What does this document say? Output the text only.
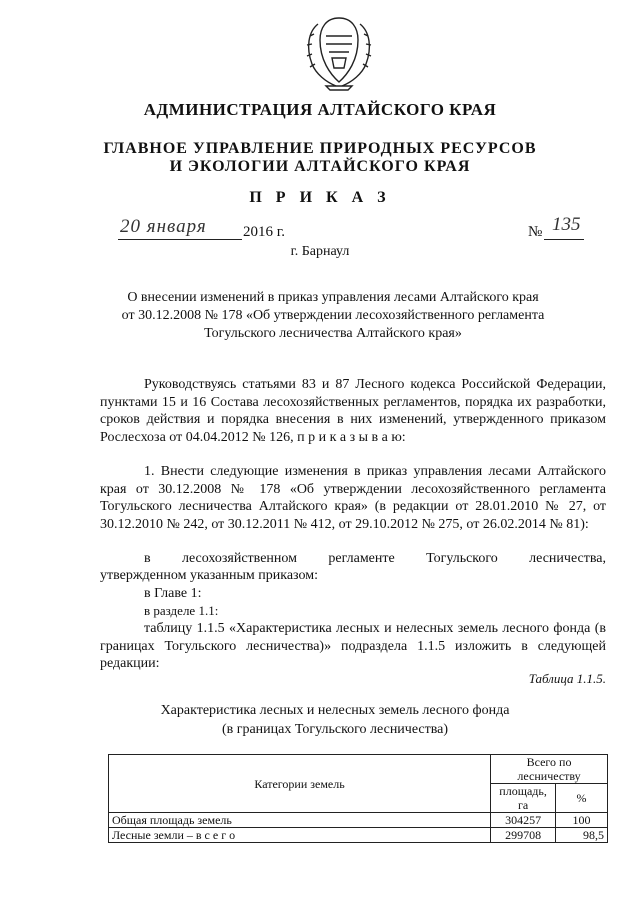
АДМИНИСТРАЦИЯ АЛТАЙСКОГО КРАЯ
ГЛАВНОЕ УПРАВЛЕНИЕ ПРИРОДНЫХ РЕСУРСОВ
И ЭКОЛОГИИ АЛТАЙСКОГО КРАЯ
П Р И К А З
20 января 2016 г.	№ 135
г. Барнаул
О внесении изменений в приказ управления лесами Алтайского края
от 30.12.2008 № 178 «Об утверждении лесохозяйственного регламента
Тогульского лесничества Алтайского края»
Руководствуясь статьями 83 и 87 Лесного кодекса Российской Федерации, пунктами 15 и 16 Состава лесохозяйственных регламентов, порядка их разработки, сроков действия и порядка внесения в них изменений, утвержденного приказом Рослесхоза от 04.04.2012 № 126, п р и к а з ы в а ю:
1. Внести следующие изменения в приказ управления лесами Алтайского края от 30.12.2008 № 178 «Об утверждении лесохозяйственного регламента Тогульского лесничества Алтайского края» (в редакции от 28.01.2010 № 27, от 30.12.2010 № 242, от 30.12.2011 № 412, от 29.10.2012 № 275, от 26.02.2014 № 81):
в лесохозяйственном регламенте Тогульского лесничества,
утвержденном указанным приказом:
в Главе 1:
в разделе 1.1:
таблицу 1.1.5 «Характеристика лесных и нелесных земель лесного фонда (в границах Тогульского лесничества)» подраздела 1.1.5 изложить в следующей редакции:
Таблица 1.1.5.
Характеристика лесных и нелесных земель лесного фонда
(в границах Тогульского лесничества)
Категории земель	Всего по лесничеству	
	площадь, га	%
Общая площадь земель	304257	100
Лесные земли – в с е г о	299708	98,5
